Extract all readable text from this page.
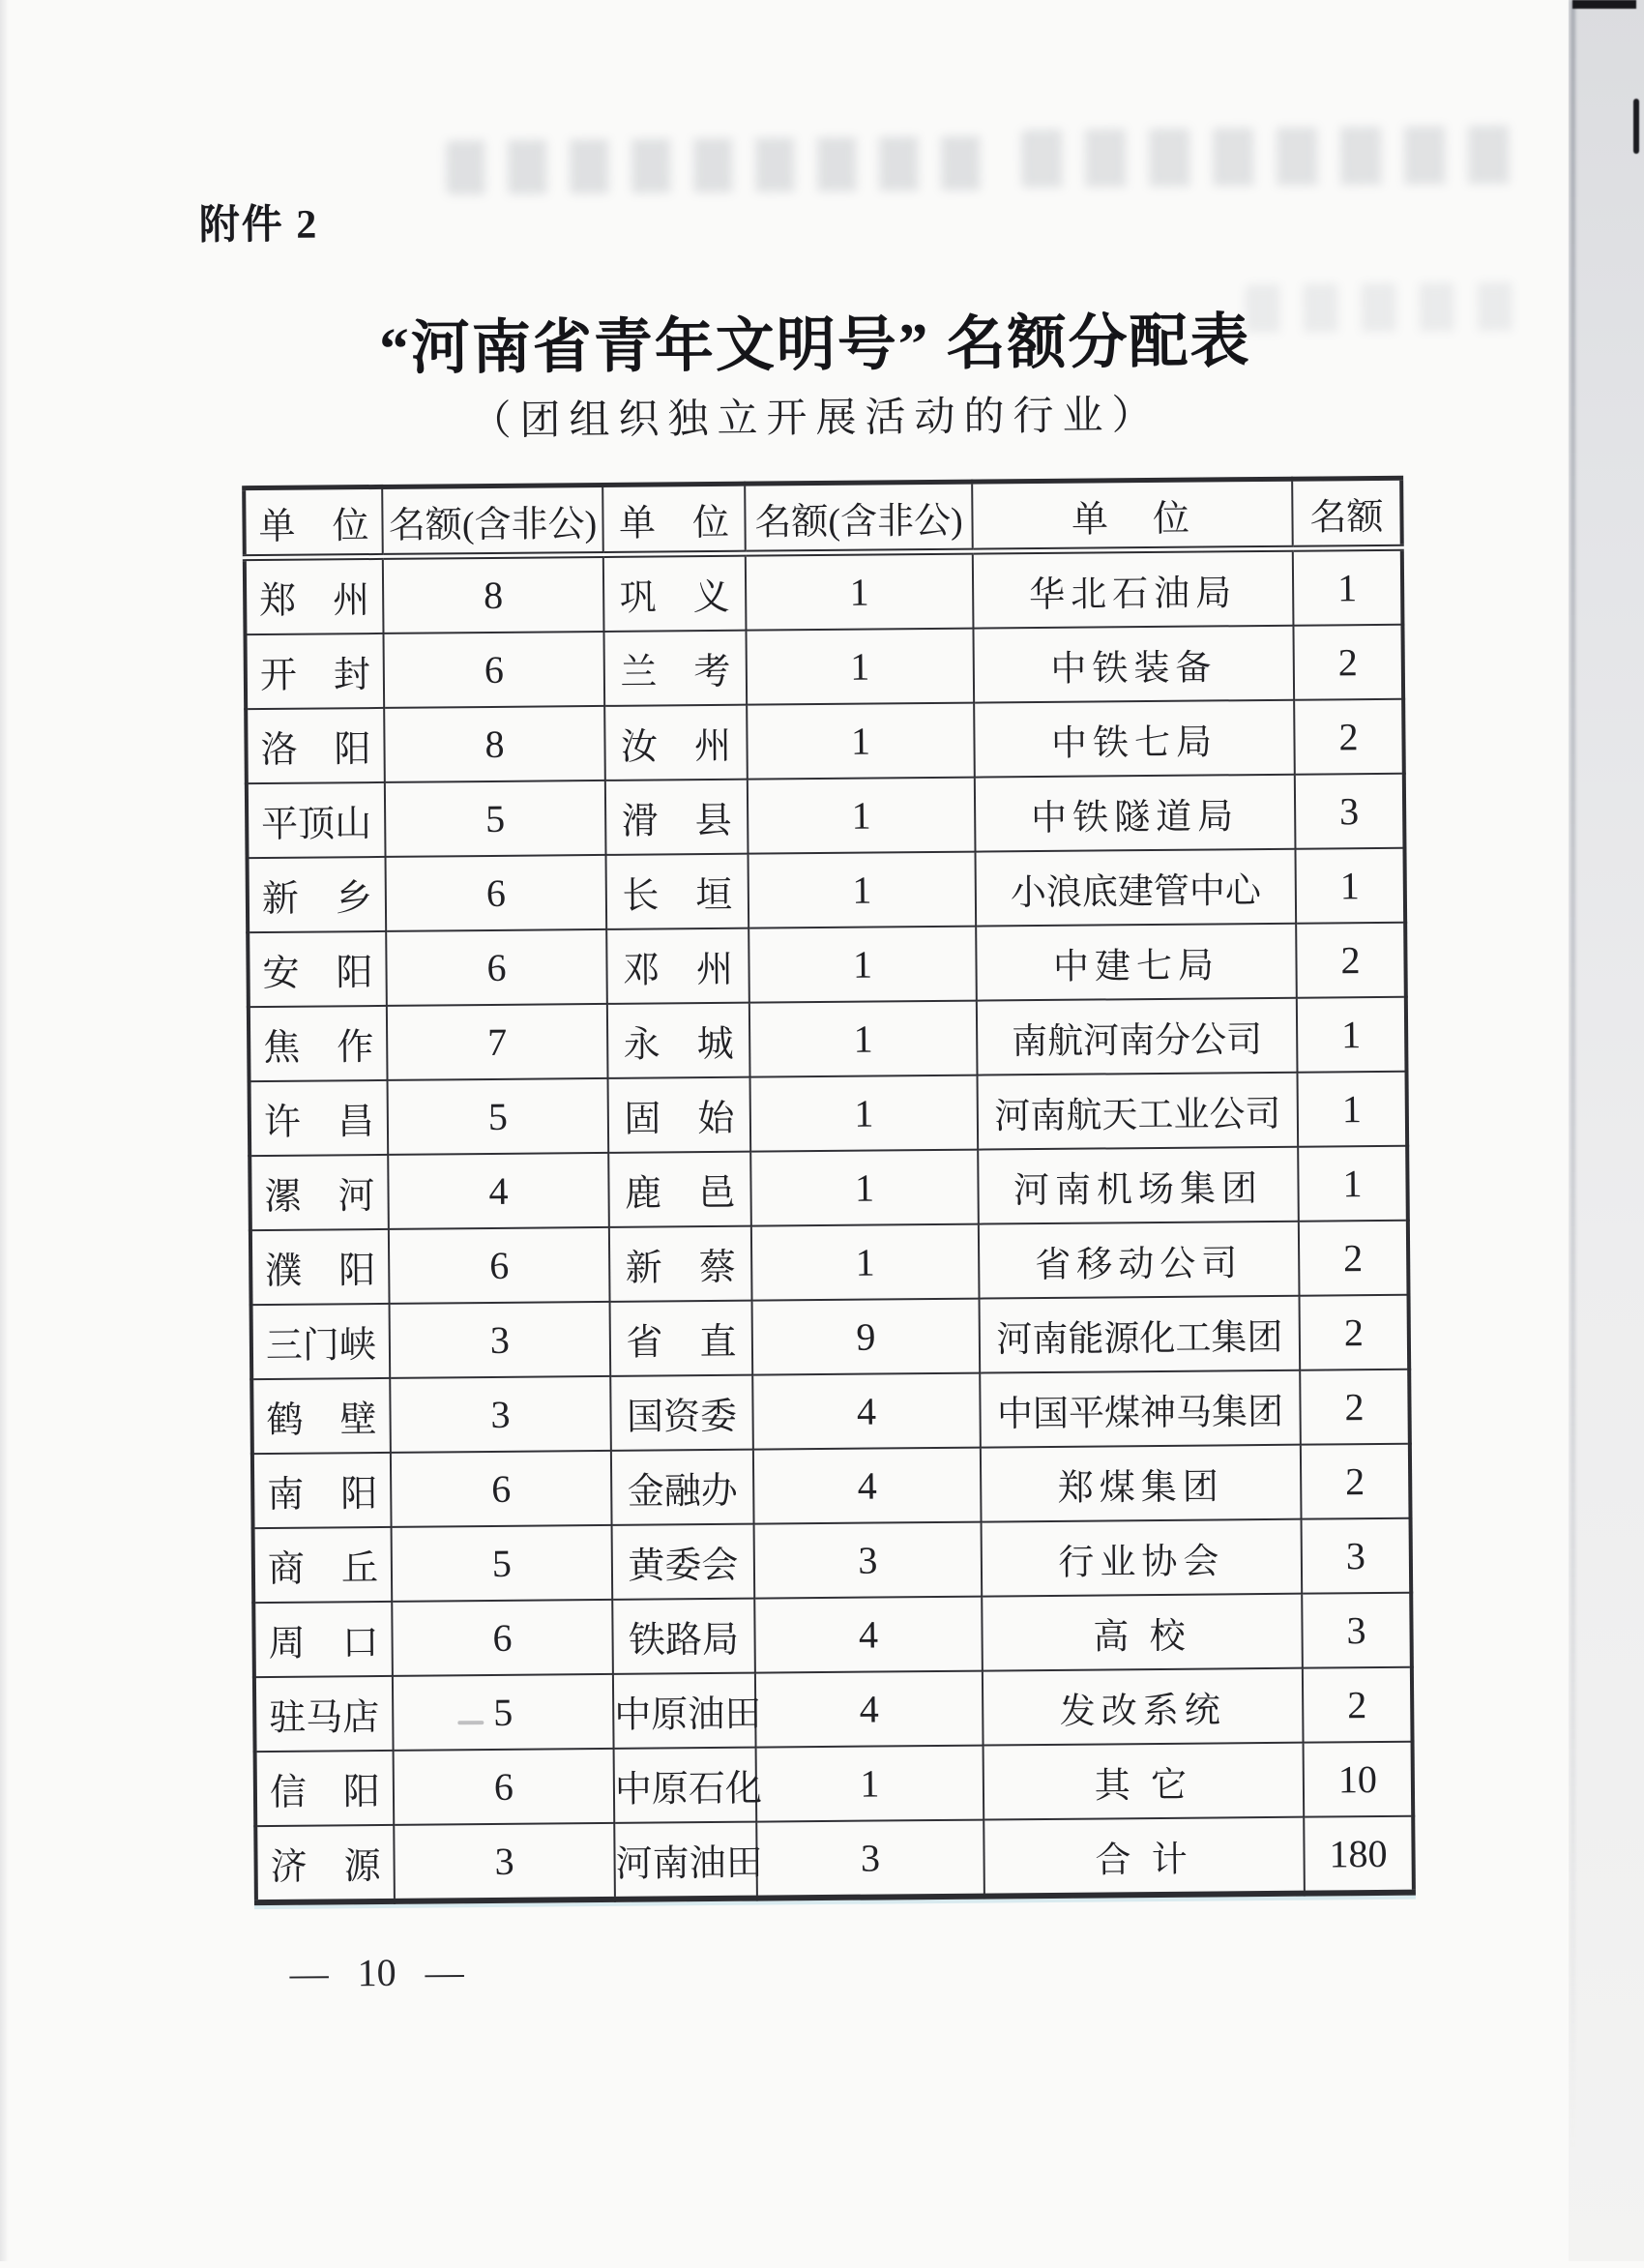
附件 2
“河南省青年文明号” 名额分配表
（团组织独立开展活动的行业）
单　位	名额(含非公)	单　位	名额(含非公)	单　位	名额
郑　州	8	巩　义	1	华北石油局	1
开　封	6	兰　考	1	中铁装备	2
洛　阳	8	汝　州	1	中铁七局	2
平顶山	5	滑　县	1	中铁隧道局	3
新　乡	6	长　垣	1	小浪底建管中心	1
安　阳	6	邓　州	1	中建七局	2
焦　作	7	永　城	1	南航河南分公司	1
许　昌	5	固　始	1	河南航天工业公司	1
漯　河	4	鹿　邑	1	河南机场集团	1
濮　阳	6	新　蔡	1	省移动公司	2
三门峡	3	省　直	9	河南能源化工集团	2
鹤　壁	3	国资委	4	中国平煤神马集团	2
南　阳	6	金融办	4	郑煤集团	2
商　丘	5	黄委会	3	行业协会	3
周　口	6	铁路局	4	高 校	3
驻马店	5	中原油田	4	发改系统	2
信　阳	6	中原石化	1	其 它	10
济　源	3	河南油田	3	合 计	180
— 10 —
